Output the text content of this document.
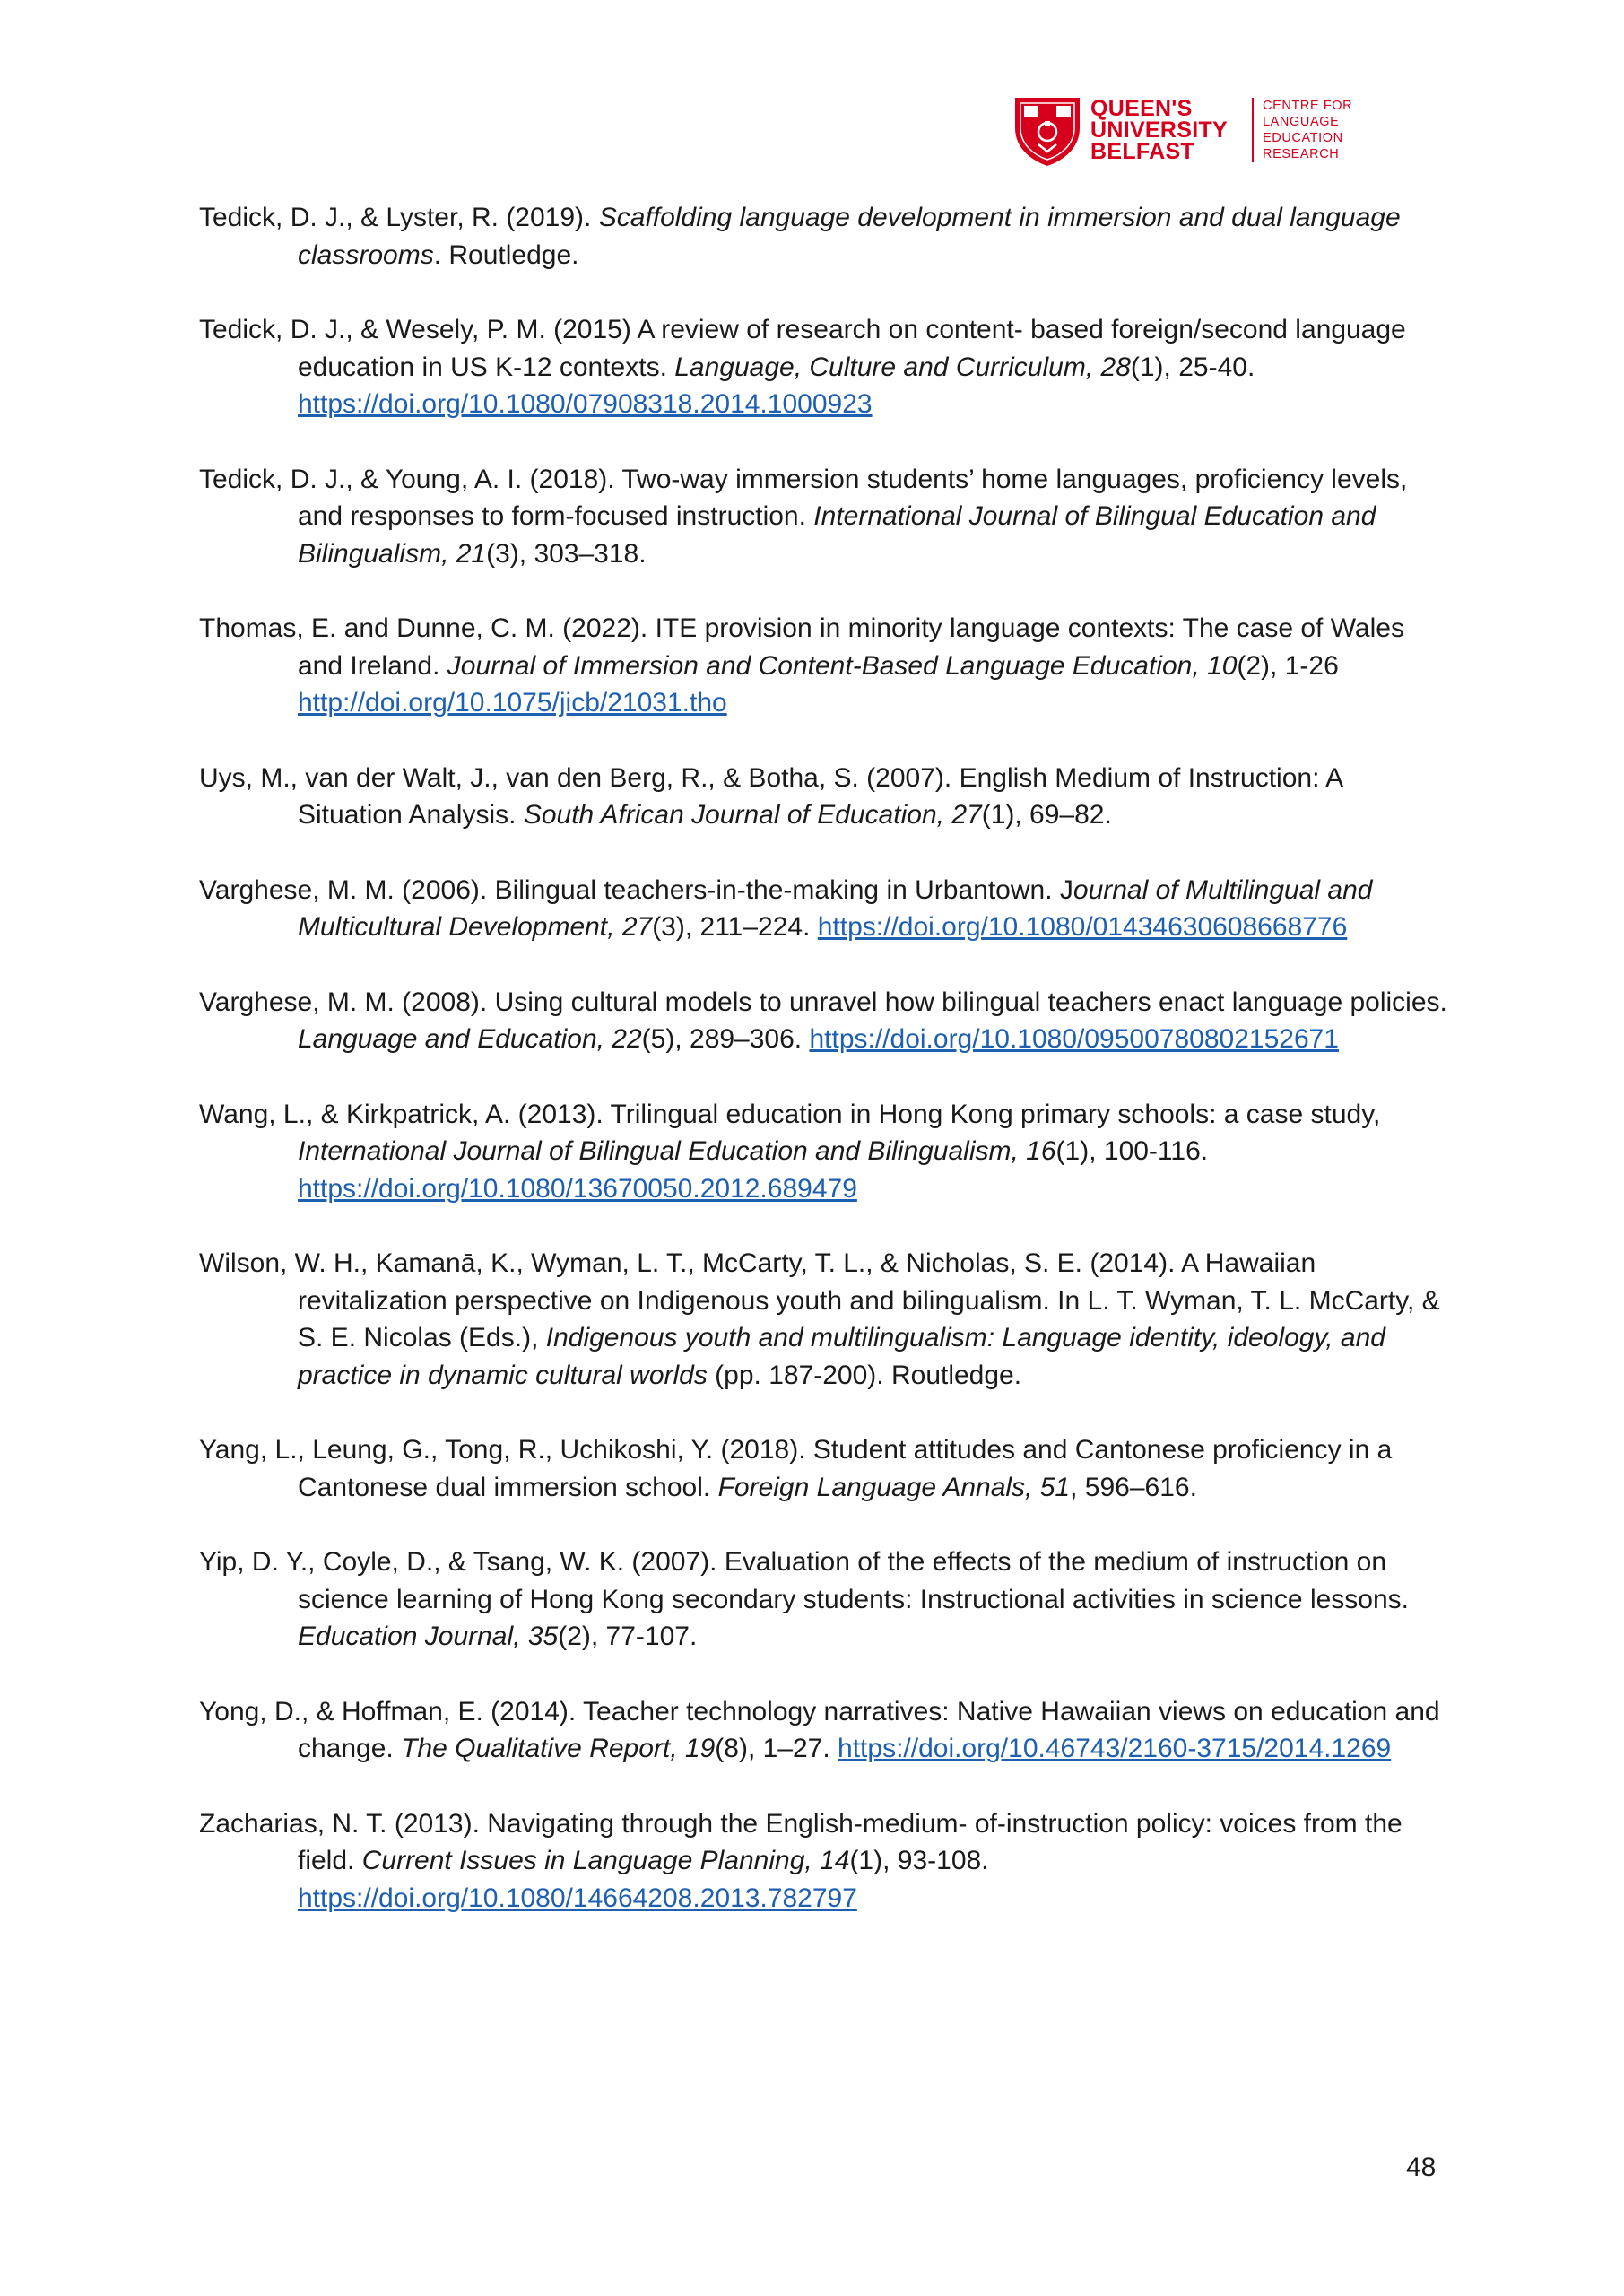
QUEEN'S
UNIVERSITY
BELFAST
CENTRE FOR
LANGUAGE
EDUCATION
RESEARCH

Tedick, D. J., & Lyster, R. (2019). Scaffolding language development in immersion and dual language classrooms. Routledge.

Tedick, D. J., & Wesely, P. M. (2015) A review of research on content- based foreign/second language education in US K-12 contexts. Language, Culture and Curriculum, 28(1), 25-40. https://doi.org/10.1080/07908318.2014.1000923

Tedick, D. J., & Young, A. I. (2018). Two-way immersion students’ home languages, proficiency levels, and responses to form-focused instruction. International Journal of Bilingual Education and Bilingualism, 21(3), 303–318.

Thomas, E. and Dunne, C. M. (2022). ITE provision in minority language contexts: The case of Wales and Ireland. Journal of Immersion and Content-Based Language Education, 10(2), 1-26 http://doi.org/10.1075/jicb/21031.tho

Uys, M., van der Walt, J., van den Berg, R., & Botha, S. (2007). English Medium of Instruction: A Situation Analysis. South African Journal of Education, 27(1), 69–82.

Varghese, M. M. (2006). Bilingual teachers-in-the-making in Urbantown. Journal of Multilingual and Multicultural Development, 27(3), 211–224. https://doi.org/10.1080/01434630608668776

Varghese, M. M. (2008). Using cultural models to unravel how bilingual teachers enact language policies. Language and Education, 22(5), 289–306. https://doi.org/10.1080/09500780802152671

Wang, L., & Kirkpatrick, A. (2013). Trilingual education in Hong Kong primary schools: a case study, International Journal of Bilingual Education and Bilingualism, 16(1), 100-116. https://doi.org/10.1080/13670050.2012.689479

Wilson, W. H., Kamanā, K., Wyman, L. T., McCarty, T. L., & Nicholas, S. E. (2014). A Hawaiian revitalization perspective on Indigenous youth and bilingualism. In L. T. Wyman, T. L. McCarty, & S. E. Nicolas (Eds.), Indigenous youth and multilingualism: Language identity, ideology, and practice in dynamic cultural worlds (pp. 187-200). Routledge.

Yang, L., Leung, G., Tong, R., Uchikoshi, Y. (2018). Student attitudes and Cantonese proficiency in a Cantonese dual immersion school. Foreign Language Annals, 51, 596–616.

Yip, D. Y., Coyle, D., & Tsang, W. K. (2007). Evaluation of the effects of the medium of instruction on science learning of Hong Kong secondary students: Instructional activities in science lessons. Education Journal, 35(2), 77-107.

Yong, D., & Hoffman, E. (2014). Teacher technology narratives: Native Hawaiian views on education and change. The Qualitative Report, 19(8), 1–27. https://doi.org/10.46743/2160-3715/2014.1269

Zacharias, N. T. (2013). Navigating through the English-medium- of-instruction policy: voices from the field. Current Issues in Language Planning, 14(1), 93-108. https://doi.org/10.1080/14664208.2013.782797

48
